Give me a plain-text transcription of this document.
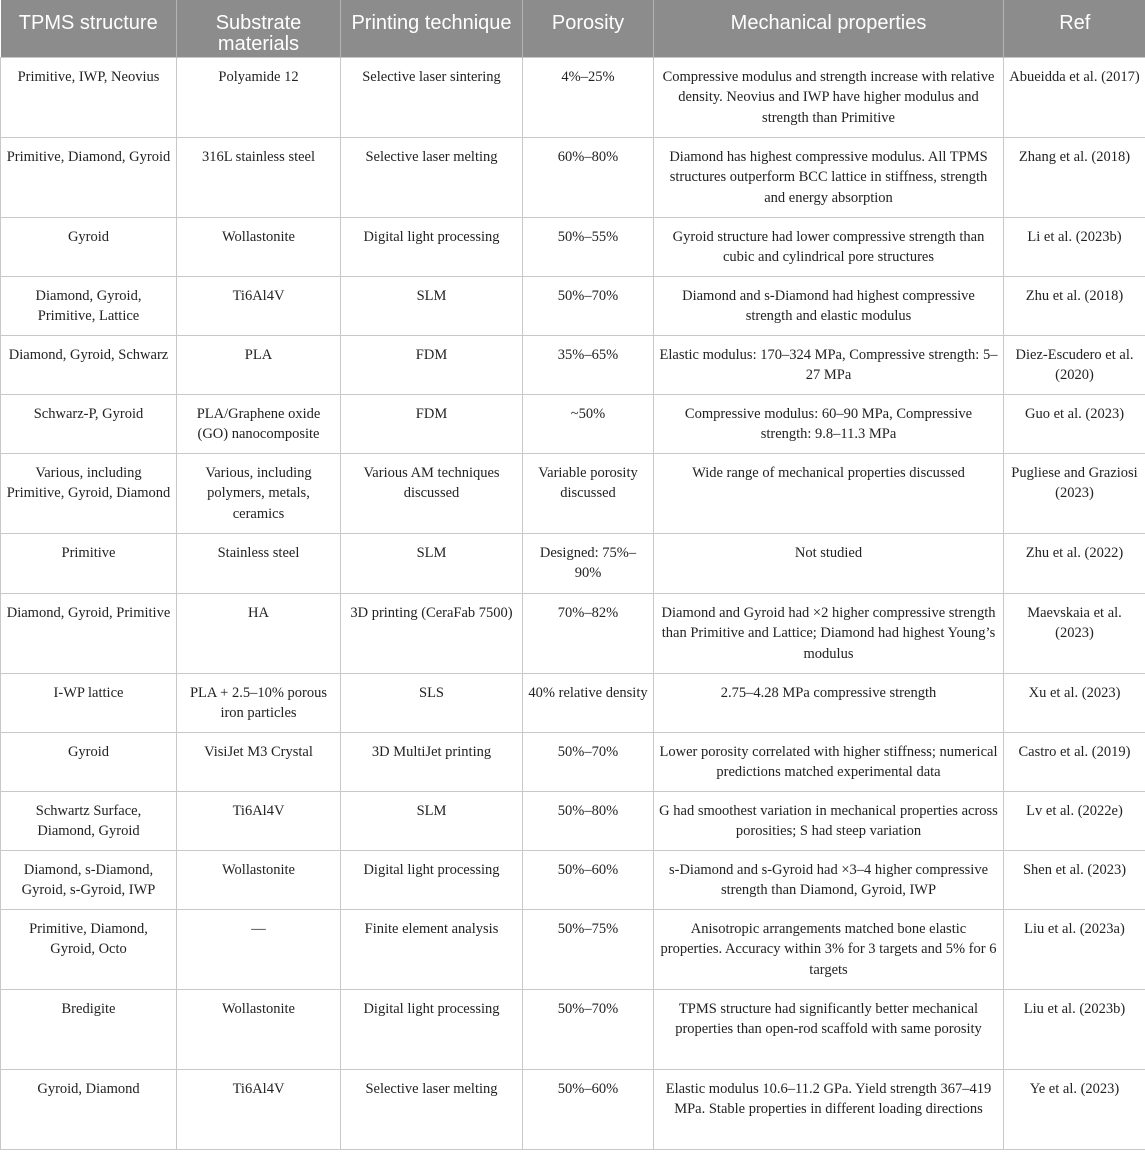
TPMS structure	Substrate materials	Printing technique	Porosity	Mechanical properties	Ref
Primitive, IWP, Neovius	Polyamide 12	Selective laser sintering	4%–25%	Compressive modulus and strength increase with relative density. Neovius and IWP have higher modulus and strength than Primitive	Abueidda et al. (2017)
Primitive, Diamond, Gyroid	316L stainless steel	Selective laser melting	60%–80%	Diamond has highest compressive modulus. All TPMS structures outperform BCC lattice in stiffness, strength and energy absorption	Zhang et al. (2018)
Gyroid	Wollastonite	Digital light processing	50%–55%	Gyroid structure had lower compressive strength than cubic and cylindrical pore structures	Li et al. (2023b)
Diamond, Gyroid, Primitive, Lattice	Ti6Al4V	SLM	50%–70%	Diamond and s-Diamond had highest compressive strength and elastic modulus	Zhu et al. (2018)
Diamond, Gyroid, Schwarz	PLA	FDM	35%–65%	Elastic modulus: 170–324 MPa, Compressive strength: 5–27 MPa	Diez-Escudero et al. (2020)
Schwarz-P, Gyroid	PLA/Graphene oxide (GO) nanocomposite	FDM	~50%	Compressive modulus: 60–90 MPa, Compressive strength: 9.8–11.3 MPa	Guo et al. (2023)
Various, including Primitive, Gyroid, Diamond	Various, including polymers, metals, ceramics	Various AM techniques discussed	Variable porosity discussed	Wide range of mechanical properties discussed	Pugliese and Graziosi (2023)
Primitive	Stainless steel	SLM	Designed: 75%–90%	Not studied	Zhu et al. (2022)
Diamond, Gyroid, Primitive	HA	3D printing (CeraFab 7500)	70%–82%	Diamond and Gyroid had ×2 higher compressive strength than Primitive and Lattice; Diamond had highest Young’s modulus	Maevskaia et al. (2023)
I-WP lattice	PLA + 2.5–10% porous iron particles	SLS	40% relative density	2.75–4.28 MPa compressive strength	Xu et al. (2023)
Gyroid	VisiJet M3 Crystal	3D MultiJet printing	50%–70%	Lower porosity correlated with higher stiffness; numerical predictions matched experimental data	Castro et al. (2019)
Schwartz Surface, Diamond, Gyroid	Ti6Al4V	SLM	50%–80%	G had smoothest variation in mechanical properties across porosities; S had steep variation	Lv et al. (2022e)
Diamond, s-Diamond, Gyroid, s-Gyroid, IWP	Wollastonite	Digital light processing	50%–60%	s-Diamond and s-Gyroid had ×3–4 higher compressive strength than Diamond, Gyroid, IWP	Shen et al. (2023)
Primitive, Diamond, Gyroid, Octo	—	Finite element analysis	50%–75%	Anisotropic arrangements matched bone elastic properties. Accuracy within 3% for 3 targets and 5% for 6 targets	Liu et al. (2023a)
Bredigite	Wollastonite	Digital light processing	50%–70%	TPMS structure had significantly better mechanical properties than open-rod scaffold with same porosity	Liu et al. (2023b)
Gyroid, Diamond	Ti6Al4V	Selective laser melting	50%–60%	Elastic modulus 10.6–11.2 GPa. Yield strength 367–419 MPa. Stable properties in different loading directions	Ye et al. (2023)
